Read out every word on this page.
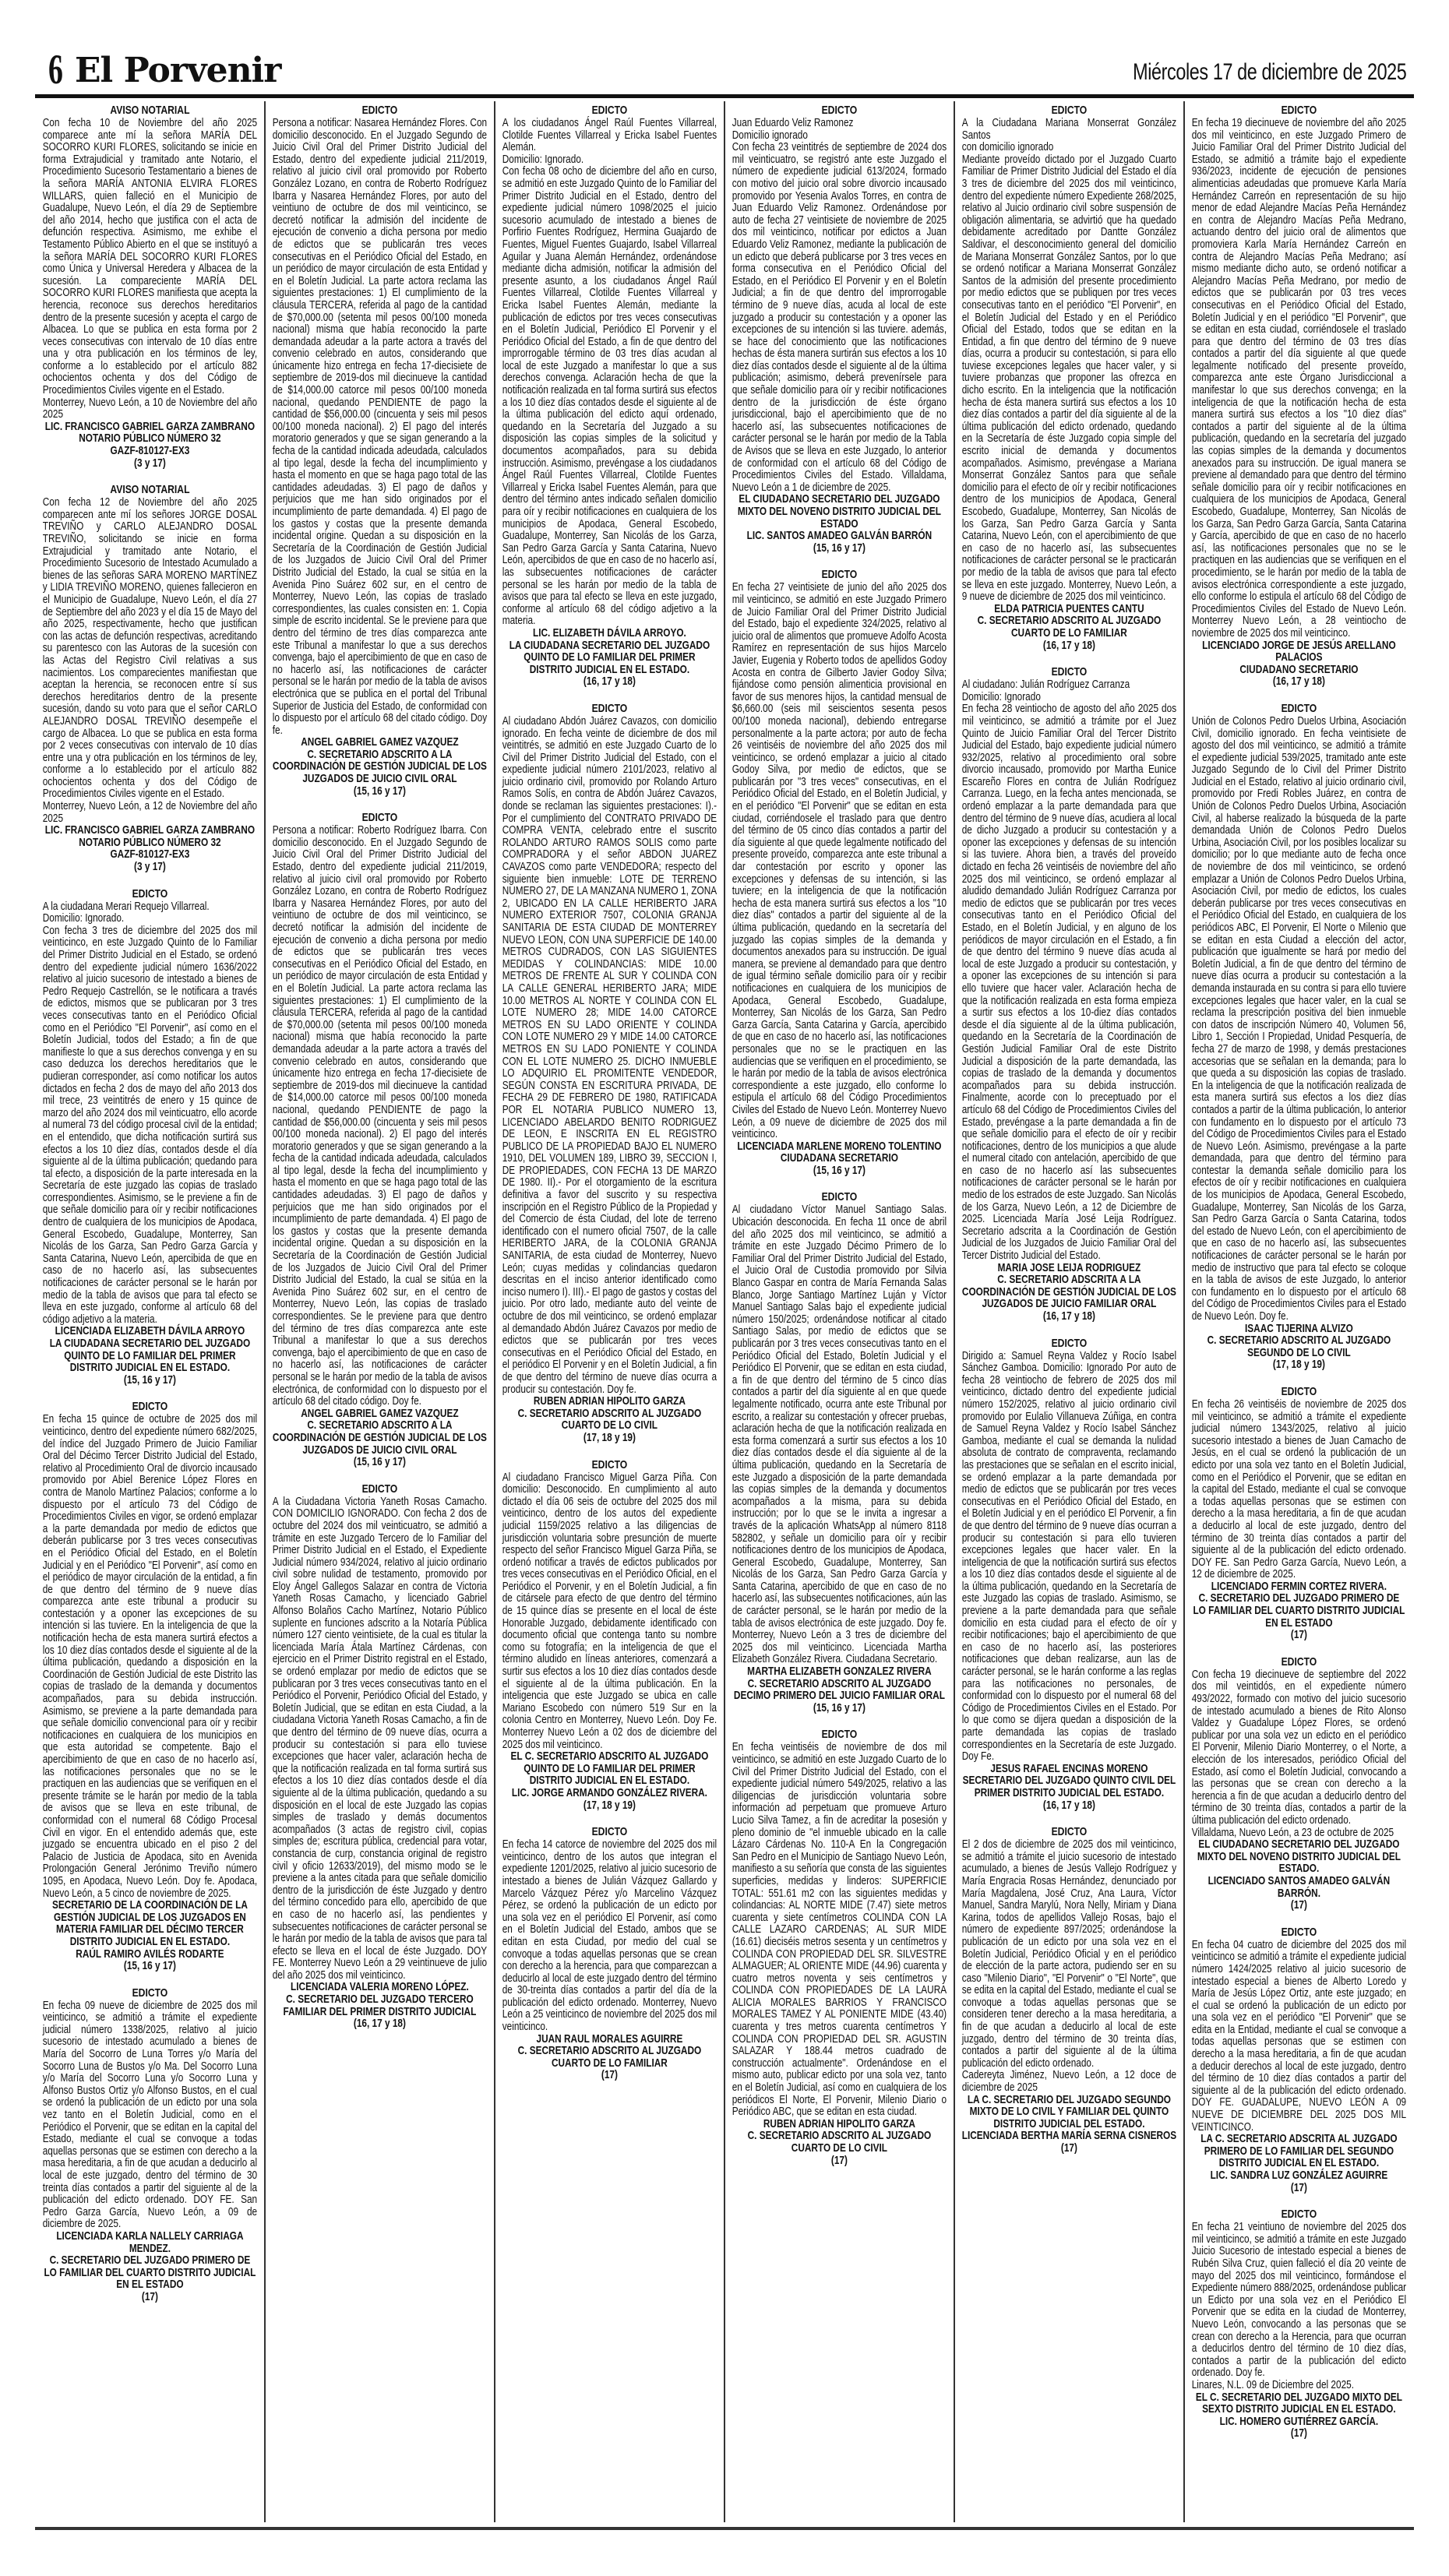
6 El Porvenir	Miércoles 17 de diciembre de 2025
AVISO NOTARIAL

Con fecha 10 de Noviembre del año 2025 comparece ante mí la señora MARÍA DEL SOCORRO KURI FLORES, solicitando se inicie en forma Extrajudicial y tramitado ante Notario, el Procedimiento Sucesorio Testamentario a bienes de la señora MARÍA ANTONIA ELVIRA FLORES WILLARS, quien falleció en el Municipio de Guadalupe, Nuevo León, el día 29 de Septiembre del año 2014, hecho que justifica con el acta de defunción respectiva. Asimismo, me exhibe el Testamento Público Abierto en el que se instituyó a la señora MARÍA DEL SOCORRO KURI FLORES como Única y Universal Heredera y Albacea de la sucesión. La compareciente MARÍA DEL SOCORRO KURI FLORES manifiesta que acepta la herencia, reconoce sus derechos hereditarios dentro de la presente sucesión y acepta el cargo de Albacea. Lo que se publica en esta forma por 2 veces consecutivas con intervalo de 10 días entre una y otra publicación en los términos de ley, conforme a lo establecido por el artículo 882 ochocientos ochenta y dos del Código de Procedimientos Civiles vigente en el Estado.

Monterrey, Nuevo León, a 10 de Noviembre del año 2025

LIC. FRANCISCO GABRIEL GARZA ZAMBRANO
NOTARIO PÚBLICO NÚMERO 32
GAZF-810127-EX3
(3 y 17)
AVISO NOTARIAL

Con fecha 12 de Noviembre del año 2025 comparecen ante mí los señores JORGE DOSAL TREVIÑO y CARLO ALEJANDRO DOSAL TREVIÑO, solicitando se inicie en forma Extrajudicial y tramitado ante Notario, el Procedimiento Sucesorio de Intestado Acumulado a bienes de las señoras SARA MORENO MARTÍNEZ y LIDIA TREVIÑO MORENO, quienes fallecieron en el Municipio de Guadalupe, Nuevo León, el día 27 de Septiembre del año 2023 y el día 15 de Mayo del año 2025, respectivamente, hecho que justifican con las actas de defunción respectivas, acreditando su parentesco con las Autoras de la sucesión con las Actas del Registro Civil relativas a sus nacimientos. Los comparecientes manifiestan que aceptan la herencia, se reconocen entre sí sus derechos hereditarios dentro de la presente sucesión, dando su voto para que el señor CARLO ALEJANDRO DOSAL TREVIÑO desempeñe el cargo de Albacea. Lo que se publica en esta forma por 2 veces consecutivas con intervalo de 10 días entre una y otra publicación en los términos de ley, conforme a lo establecido por el artículo 882 ochocientos ochenta y dos del Código de Procedimientos Civiles vigente en el Estado.

Monterrey, Nuevo León, a 12 de Noviembre del año 2025

LIC. FRANCISCO GABRIEL GARZA ZAMBRANO
NOTARIO PÚBLICO NÚMERO 32
GAZF-810127-EX3
(3 y 17)
EDICTO

A la ciudadana Merari Requejo Villarreal.

Domicilio: Ignorado.

Con fecha 3 tres de diciembre del 2025 dos mil veinticinco, en este Juzgado Quinto de lo Familiar del Primer Distrito Judicial en el Estado, se ordenó dentro del expediente judicial número 1636/2022 relativo al juicio sucesorio de intestado a bienes de Pedro Requejo Castrellón, se le notificara a través de edictos, mismos que se publicaran por 3 tres veces consecutivas tanto en el Periódico Oficial como en el Periódico "El Porvenir", así como en el Boletín Judicial, todos del Estado; a fin de que manifieste lo que a sus derechos convenga y en su caso deduzca los derechos hereditarios que le pudieran corresponder, así como notificar los autos dictados en fecha 2 dos de mayo del año 2013 dos mil trece, 23 veintitrés de enero y 15 quince de marzo del año 2024 dos mil veinticuatro, ello acorde al numeral 73 del código procesal civil de la entidad; en el entendido, que dicha notificación surtirá sus efectos a los 10 diez días, contados desde el día siguiente al de la última publicación; quedando para tal efecto, a disposición de la parte interesada en la Secretaría de este juzgado las copias de traslado correspondientes. Asimismo, se le previene a fin de que señale domicilio para oír y recibir notificaciones dentro de cualquiera de los municipios de Apodaca, General Escobedo, Guadalupe, Monterrey, San Nicolás de los Garza, San Pedro Garza García y Santa Catarina, Nuevo León, apercibida de que en caso de no hacerlo así, las subsecuentes notificaciones de carácter personal se le harán por medio de la tabla de avisos que para tal efecto se lleva en este juzgado, conforme al artículo 68 del código adjetivo a la materia.

LICENCIADA ELIZABETH DÁVILA ARROYO
LA CIUDADANA SECRETARIO DEL JUZGADO QUINTO DE LO FAMILIAR DEL PRIMER DISTRITO JUDICIAL EN EL ESTADO.
(15, 16 y 17)
EDICTO

En fecha 15 quince de octubre de 2025 dos mil veinticinco, dentro del expediente número 682/2025, del índice del Juzgado Primero de Juicio Familiar Oral del Décimo Tercer Distrito Judicial del Estado, relativo al Procedimiento Oral de divorcio incausado promovido por Abiel Berenice López Flores en contra de Manolo Martínez Palacios; conforme a lo dispuesto por el artículo 73 del Código de Procedimientos Civiles en vigor, se ordenó emplazar a la parte demandada por medio de edictos que deberán publicarse por 3 tres veces consecutivas en el Periódico Oficial del Estado, en el Boletín Judicial y en el Periódico "El Porvenir", así como en el periódico de mayor circulación de la entidad, a fin de que dentro del término de 9 nueve días comparezca ante este tribunal a producir su contestación y a oponer las excepciones de su intención si las tuviere. En la inteligencia de que la notificación hecha de esta manera surtirá efectos a los 10 diez días contados desde el siguiente al de la última publicación, quedando a disposición en la Coordinación de Gestión Judicial de este Distrito las copias de traslado de la demanda y documentos acompañados, para su debida instrucción. Asimismo, se previene a la parte demandada para que señale domicilio convencional para oír y recibir notificaciones en cualquiera de los municipios en que esta autoridad se competente. Bajo el apercibimiento de que en caso de no hacerlo así, las notificaciones personales que no se le practiquen en las audiencias que se verifiquen en el presente trámite se le harán por medio de la tabla de avisos que se lleva en este tribunal, de conformidad con el numeral 68 Código Procesal Civil en vigor. En el entendido además que, este juzgado se encuentra ubicado en el piso 2 del Palacio de Justicia de Apodaca, sito en Avenida Prolongación General Jerónimo Treviño número 1095, en Apodaca, Nuevo León. Doy fe. Apodaca, Nuevo León, a 5 cinco de noviembre de 2025.

SECRETARIO DE LA COORDINACIÓN DE LA GESTIÓN JUDICIAL DE LOS JUZGADOS EN MATERIA FAMILIAR DEL DÉCIMO TERCER DISTRITO JUDICIAL EN EL ESTADO.
RAÚL RAMIRO AVILÉS RODARTE
(15, 16 y 17)
EDICTO

En fecha 09 nueve de diciembre de 2025 dos mil veinticinco, se admitió a trámite el expediente judicial número 1338/2025, relativo al juicio sucesorio de intestado acumulado a bienes de María del Socorro de Luna Torres y/o María del Socorro Luna de Bustos y/o Ma. Del Socorro Luna y/o María del Socorro Luna y/o Socorro Luna y Alfonso Bustos Ortiz y/o Alfonso Bustos, en el cual se ordenó la publicación de un edicto por una sola vez tanto en el Boletín Judicial, como en el Periódico el Porvenir, que se editan en la capital del Estado, mediante el cual se convoque a todas aquellas personas que se estimen con derecho a la masa hereditaria, a fin de que acudan a deducirlo al local de este juzgado, dentro del término de 30 treinta días contados a partir del siguiente al de la publicación del edicto ordenado. DOY FE. San Pedro Garza García, Nuevo León, a 09 de diciembre de 2025.

LICENCIADA KARLA NALLELY CARRIAGA MENDEZ.
C. SECRETARIO DEL JUZGADO PRIMERO DE LO FAMILIAR DEL CUARTO DISTRITO JUDICIAL EN EL ESTADO
(17)
EDICTO

Persona a notificar: Nasarea Hernández Flores. Con domicilio desconocido. En el Juzgado Segundo de Juicio Civil Oral del Primer Distrito Judicial del Estado, dentro del expediente judicial 211/2019, relativo al juicio civil oral promovido por Roberto González Lozano, en contra de Roberto Rodríguez Ibarra y Nasarea Hernández Flores, por auto del veintiuno de octubre de dos mil veinticinco, se decretó notificar la admisión del incidente de ejecución de convenio a dicha persona por medio de edictos que se publicarán tres veces consecutivas en el Periódico Oficial del Estado, en un periódico de mayor circulación de esta Entidad y en el Boletín Judicial. La parte actora reclama las siguientes prestaciones: 1) El cumplimiento de la cláusula TERCERA, referida al pago de la cantidad de $70,000.00 (setenta mil pesos 00/100 moneda nacional) misma que había reconocido la parte demandada adeudar a la parte actora a través del convenio celebrado en autos, considerando que únicamente hizo entrega en fecha 17-diecisiete de septiembre de 2019-dos mil diecinueve la cantidad de $14,000.00 catorce mil pesos 00/100 moneda nacional, quedando PENDIENTE de pago la cantidad de $56,000.00 (cincuenta y seis mil pesos 00/100 moneda nacional). 2) El pago del interés moratorio generados y que se sigan generando a la fecha de la cantidad indicada adeudada, calculados al tipo legal, desde la fecha del incumplimiento y hasta el momento en que se haga pago total de las cantidades adeudadas. 3) El pago de daños y perjuicios que me han sido originados por el incumplimiento de parte demandada. 4) El pago de los gastos y costas que la presente demanda incidental origine. Quedan a su disposición en la Secretaría de la Coordinación de Gestión Judicial de los Juzgados de Juicio Civil Oral del Primer Distrito Judicial del Estado, la cual se sitúa en la Avenida Pino Suárez 602 sur, en el centro de Monterrey, Nuevo León, las copias de traslado correspondientes, las cuales consisten en: 1. Copia simple de escrito incidental. Se le previene para que dentro del término de tres días comparezca ante este Tribunal a manifestar lo que a sus derechos convenga, bajo el apercibimiento de que en caso de no hacerlo así, las notificaciones de carácter personal se le harán por medio de la tabla de avisos electrónica que se publica en el portal del Tribunal Superior de Justicia del Estado, de conformidad con lo dispuesto por el artículo 68 del citado código. Doy fe.

ANGEL GABRIEL GAMEZ VAZQUEZ
C. SECRETARIO ADSCRITO A LA COORDINACIÓN DE GESTIÓN JUDICIAL DE LOS JUZGADOS DE JUICIO CIVIL ORAL
(15, 16 y 17)
EDICTO

Persona a notificar: Roberto Rodríguez Ibarra. Con domicilio desconocido. En el Juzgado Segundo de Juicio Civil Oral del Primer Distrito Judicial del Estado, dentro del expediente judicial 211/2019, relativo al juicio civil oral promovido por Roberto González Lozano, en contra de Roberto Rodríguez Ibarra y Nasarea Hernández Flores, por auto del veintiuno de octubre de dos mil veinticinco, se decretó notificar la admisión del incidente de ejecución de convenio a dicha persona por medio de edictos que se publicarán tres veces consecutivas en el Periódico Oficial del Estado, en un periódico de mayor circulación de esta Entidad y en el Boletín Judicial. La parte actora reclama las siguientes prestaciones: 1) El cumplimiento de la cláusula TERCERA, referida al pago de la cantidad de $70,000.00 (setenta mil pesos 00/100 moneda nacional) misma que había reconocido la parte demandada adeudar a la parte actora a través del convenio celebrado en autos, considerando que únicamente hizo entrega en fecha 17-diecisiete de septiembre de 2019-dos mil diecinueve la cantidad de $14,000.00 catorce mil pesos 00/100 moneda nacional, quedando PENDIENTE de pago la cantidad de $56,000.00 (cincuenta y seis mil pesos 00/100 moneda nacional). 2) El pago del interés moratorio generados y que se sigan generando a la fecha de la cantidad indicada adeudada, calculados al tipo legal, desde la fecha del incumplimiento y hasta el momento en que se haga pago total de las cantidades adeudadas. 3) El pago de daños y perjuicios que me han sido originados por el incumplimiento de parte demandada. 4) El pago de los gastos y costas que la presente demanda incidental origine. Quedan a su disposición en la Secretaría de la Coordinación de Gestión Judicial de los Juzgados de Juicio Civil Oral del Primer Distrito Judicial del Estado, la cual se sitúa en la Avenida Pino Suárez 602 sur, en el centro de Monterrey, Nuevo León, las copias de traslado correspondientes. Se le previene para que dentro del término de tres días comparezca ante este Tribunal a manifestar lo que a sus derechos convenga, bajo el apercibimiento de que en caso de no hacerlo así, las notificaciones de carácter personal se le harán por medio de la tabla de avisos electrónica, de conformidad con lo dispuesto por el artículo 68 del citado código. Doy fe.

ANGEL GABRIEL GAMEZ VAZQUEZ
C. SECRETARIO ADSCRITO A LA COORDINACIÓN DE GESTIÓN JUDICIAL DE LOS JUZGADOS DE JUICIO CIVIL ORAL
(15, 16 y 17)
EDICTO

A la Ciudadana Victoria Yaneth Rosas Camacho. CON DOMICILIO IGNORADO. Con fecha 2 dos de octubre del 2024 dos mil veinticuatro, se admitió a trámite en este Juzgado Tercero de lo Familiar del Primer Distrito Judicial en el Estado, el Expediente Judicial número 934/2024, relativo al juicio ordinario civil sobre nulidad de testamento, promovido por Eloy Ángel Gallegos Salazar en contra de Victoria Yaneth Rosas Camacho, y licenciado Gabriel Alfonso Bolaños Cacho Martínez, Notario Público suplente en funciones adscrito a la Notaría Pública número 127 ciento veintisiete, de la cual es titular la licenciada María Átala Martínez Cárdenas, con ejercicio en el Primer Distrito registral en el Estado, se ordenó emplazar por medio de edictos que se publicaran por 3 tres veces consecutivas tanto en el Periódico el Porvenir, Periódico Oficial del Estado, y Boletín Judicial, que se editan en esta Ciudad, a la ciudadana Victoria Yaneth Rosas Camacho, a fin de que dentro del término de 09 nueve días, ocurra a producir su contestación si para ello tuviese excepciones que hacer valer, aclaración hecha de que la notificación realizada en tal forma surtirá sus efectos a los 10 diez días contados desde el día siguiente al de la última publicación, quedando a su disposición en el local de este Juzgado las copias simples de traslado y demás documentos acompañados (3 actas de registro civil, copias simples de; escritura pública, credencial para votar, constancia de curp, constancia original de registro civil y oficio 12633/2019), del mismo modo se le previene a la antes citada para que señale domicilio dentro de la jurisdicción de éste Juzgado y dentro del término concedido para ello, apercibido de que en caso de no hacerlo así, las pendientes y subsecuentes notificaciones de carácter personal se le harán por medio de la tabla de avisos que para tal efecto se lleva en el local de éste Juzgado. DOY FE. Monterrey Nuevo León a 29 veintinueve de julio del año 2025 dos mil veinticinco.

LICENCIADA VALERIA MORENO LÓPEZ.
C. SECRETARIO DEL JUZGADO TERCERO FAMILIAR DEL PRIMER DISTRITO JUDICIAL
(16, 17 y 18)
EDICTO

A los ciudadanos Ángel Raúl Fuentes Villarreal, Clotilde Fuentes Villarreal y Ericka Isabel Fuentes Alemán.

Domicilio: Ignorado.

Con fecha 08 ocho de diciembre del año en curso, se admitió en este Juzgado Quinto de lo Familiar del Primer Distrito Judicial en el Estado, dentro del expediente judicial número 1098/2025 el juicio sucesorio acumulado de intestado a bienes de Porfirio Fuentes Rodríguez, Hermina Guajardo de Fuentes, Miguel Fuentes Guajardo, Isabel Villarreal Aguilar y Juana Alemán Hernández, ordenándose mediante dicha admisión, notificar la admisión del presente asunto, a los ciudadanos Ángel Raúl Fuentes Villarreal, Clotilde Fuentes Villarreal y Ericka Isabel Fuentes Alemán, mediante la publicación de edictos por tres veces consecutivas en el Boletín Judicial, Periódico El Porvenir y el Periódico Oficial del Estado, a fin de que dentro del improrrogable término de 03 tres días acudan al local de este Juzgado a manifestar lo que a sus derechos convenga. Aclaración hecha de que la notificación realizada en tal forma surtirá sus efectos a los 10 diez días contados desde el siguiente al de la última publicación del edicto aquí ordenado, quedando en la Secretaría del Juzgado a su disposición las copias simples de la solicitud y documentos acompañados, para su debida instrucción. Asimismo, prevéngase a los ciudadanos Ángel Raúl Fuentes Villarreal, Clotilde Fuentes Villarreal y Ericka Isabel Fuentes Alemán, para que dentro del término antes indicado señalen domicilio para oír y recibir notificaciones en cualquiera de los municipios de Apodaca, General Escobedo, Guadalupe, Monterrey, San Nicolás de los Garza, San Pedro Garza García y Santa Catarina, Nuevo León, apercibidos de que en caso de no hacerlo así, las subsecuentes notificaciones de carácter personal se les harán por medio de la tabla de avisos que para tal efecto se lleva en este juzgado, conforme al artículo 68 del código adjetivo a la materia.

LIC. ELIZABETH DÁVILA ARROYO.
LA CIUDADANA SECRETARIO DEL JUZGADO QUINTO DE LO FAMILIAR DEL PRIMER DISTRITO JUDICIAL EN EL ESTADO.
(16, 17 y 18)
EDICTO

Al ciudadano Abdón Juárez Cavazos, con domicilio ignorado. En fecha veinte de diciembre de dos mil veintitrés, se admitió en este Juzgado Cuarto de lo Civil del Primer Distrito Judicial del Estado, con el expediente judicial número 2101/2023, relativo al juicio ordinario civil, promovido por Rolando Arturo Ramos Solís, en contra de Abdón Juárez Cavazos, donde se reclaman las siguientes prestaciones: I).- Por el cumplimiento del CONTRATO PRIVADO DE COMPRA VENTA, celebrado entre el suscrito ROLANDO ARTURO RAMOS SOLIS como parte COMPRADORA y el señor ABDON JUAREZ CAVAZOS como parte VENDEDORA; respecto del siguiente bien inmueble: LOTE DE TERRENO NUMERO 27, DE LA MANZANA NUMERO 1, ZONA 2, UBICADO EN LA CALLE HERIBERTO JARA NUMERO EXTERIOR 7507, COLONIA GRANJA SANITARIA DE ESTA CIUDAD DE MONTERREY NUEVO LEON, CON UNA SUPERFICIE DE 140.00 METROS CUDRADOS, CON LAS SIGUIENTES MEDIDAS Y COLINDANCIAS: MIDE 10.00 METROS DE FRENTE AL SUR Y COLINDA CON LA CALLE GENERAL HERIBERTO JARA; MIDE 10.00 METROS AL NORTE Y COLINDA CON EL LOTE NUMERO 28; MIDE 14.00 CATORCE METROS EN SU LADO ORIENTE Y COLINDA CON LOTE NUMERO 29 Y MIDE 14.00 CATORCE METROS EN SU LADO PONIENTE Y COLINDA CON EL LOTE NUMERO 25. DICHO INMUEBLE LO ADQUIRIO EL PROMITENTE VENDEDOR, SEGÚN CONSTA EN ESCRITURA PRIVADA, DE FECHA 29 DE FEBRERO DE 1980, RATIFICADA POR EL NOTARIA PUBLICO NUMERO 13, LICENCIADO ABELARDO BENITO RODRIGUEZ DE LEON, E INSCRITA EN EL REGISTRO PUBLICO DE LA PROPIEDAD BAJO EL NUMERO 1910, DEL VOLUMEN 189, LIBRO 39, SECCION I, DE PROPIEDADES, CON FECHA 13 DE MARZO DE 1980. II).- Por el otorgamiento de la escritura definitiva a favor del suscrito y su respectiva inscripción en el Registro Público de la Propiedad y del Comercio de ésta Ciudad, del lote de terreno identificado con el numero oficial 7507, de la calle HERIBERTO JARA, de la COLONIA GRANJA SANITARIA, de esta ciudad de Monterrey, Nuevo León; cuyas medidas y colindancias quedaron descritas en el inciso anterior identificado como inciso numero I). III).- El pago de gastos y costas del juicio. Por otro lado, mediante auto del veinte de octubre de dos mil veinticinco, se ordenó emplazar al demandado Abdón Juárez Cavazos por medio de edictos que se publicarán por tres veces consecutivas en el Periódico Oficial del Estado, en el periódico El Porvenir y en el Boletín Judicial, a fin de que dentro del término de nueve días ocurra a producir su contestación. Doy fe.

RUBEN ADRIAN HIPOLITO GARZA
C. SECRETARIO ADSCRITO AL JUZGADO CUARTO DE LO CIVIL
(17, 18 y 19)
EDICTO

Al ciudadano Francisco Miguel Garza Piña. Con domicilio: Desconocido. En cumplimiento al auto dictado el día 06 seis de octubre del 2025 dos mil veinticinco, dentro de los autos del expediente judicial 1159/2025 relativo a las diligencias de jurisdicción voluntaria sobre presunción de muerte respecto del señor Francisco Miguel Garza Piña, se ordenó notificar a través de edictos publicados por tres veces consecutivas en el Periódico Oficial, en el Periódico el Porvenir, y en el Boletín Judicial, a fin de citársele para efecto de que dentro del término de 15 quince días se presente en el local de éste Honorable Juzgado, debidamente identificado con documento oficial que contenga tanto su nombre como su fotografía; en la inteligencia de que el término aludido en líneas anteriores, comenzará a surtir sus efectos a los 10 diez días contados desde el siguiente al de la última publicación. En la inteligencia que este Juzgado se ubica en calle Mariano Escobedo con número 519 Sur en la colonia Centro en Monterrey, Nuevo León. Doy Fe. Monterrey Nuevo León a 02 dos de diciembre del 2025 dos mil veinticinco.

EL C. SECRETARIO ADSCRITO AL JUZGADO QUINTO DE LO FAMILIAR DEL PRIMER DISTRITO JUDICIAL EN EL ESTADO.
LIC. JORGE ARMANDO GONZÁLEZ RIVERA.
(17, 18 y 19)
EDICTO

En fecha 14 catorce de noviembre del 2025 dos mil veinticinco, dentro de los autos que integran el expediente 1201/2025, relativo al juicio sucesorio de intestado a bienes de Julián Vázquez Gallardo y Marcelo Vázquez Pérez y/o Marcelino Vázquez Pérez, se ordenó la publicación de un edicto por una sola vez en el periódico El Porvenir, así como en el Boletín Judicial del Estado, ambos que se editan en esta Ciudad, por medio del cual se convoque a todas aquellas personas que se crean con derecho a la herencia, para que comparezcan a deducirlo al local de este juzgado dentro del término de 30-treinta días contados a partir del día de la publicación del edicto ordenado. Monterrey, Nuevo León a 25 veinticinco de noviembre del 2025 dos mil veinticinco.

JUAN RAUL MORALES AGUIRRE
C. SECRETARIO ADSCRITO AL JUZGADO CUARTO DE LO FAMILIAR
(17)
EDICTO

Juan Eduardo Veliz Ramonez

Domicilio ignorado

Con fecha 23 veintitrés de septiembre de 2024 dos mil veinticuatro, se registró ante este Juzgado el número de expediente judicial 613/2024, formado con motivo del juicio oral sobre divorcio incausado promovido por Yesenia Avalos Torres, en contra de Juan Eduardo Veliz Ramonez. Ordenándose por auto de fecha 27 veintisiete de noviembre de 2025 dos mil veinticinco, notificar por edictos a Juan Eduardo Veliz Ramonez, mediante la publicación de un edicto que deberá publicarse por 3 tres veces en forma consecutiva en el Periódico Oficial del Estado, en el Periódico El Porvenir y en el Boletín Judicial; a fin de que dentro del improrrogable término de 9 nueve días, acuda al local de este juzgado a producir su contestación y a oponer las excepciones de su intención si las tuviere. además, se hace del conocimiento que las notificaciones hechas de ésta manera surtirán sus efectos a los 10 diez días contados desde el siguiente al de la última publicación; asimismo, deberá prevenírsele para que señale domicilio para oír y recibir notificaciones dentro de la jurisdicción de éste órgano jurisdiccional, bajo el apercibimiento que de no hacerlo así, las subsecuentes notificaciones de carácter personal se le harán por medio de la Tabla de Avisos que se lleva en este Juzgado, lo anterior de conformidad con el artículo 68 del Código de Procedimientos Civiles del Estado. Villaldama, Nuevo León a 1 de diciembre de 2025.

EL CIUDADANO SECRETARIO DEL JUZGADO MIXTO DEL NOVENO DISTRITO JUDICIAL DEL ESTADO
LIC. SANTOS AMADEO GALVÁN BARRÓN
(15, 16 y 17)
EDICTO

En fecha 27 veintisiete de junio del año 2025 dos mil veinticinco, se admitió en este Juzgado Primero de Juicio Familiar Oral del Primer Distrito Judicial del Estado, bajo el expediente 324/2025, relativo al juicio oral de alimentos que promueve Adolfo Acosta Ramírez en representación de sus hijos Marcelo Javier, Eugenia y Roberto todos de apellidos Godoy Acosta en contra de Gilberto Javier Godoy Silva; fijándose como pensión alimenticia provisional en favor de sus menores hijos, la cantidad mensual de $6,660.00 (seis mil seiscientos sesenta pesos 00/100 moneda nacional), debiendo entregarse personalmente a la parte actora; por auto de fecha 26 veintiséis de noviembre del año 2025 dos mil veinticinco, se ordenó emplazar a juicio al citado Godoy Silva, por medio de edictos, que se publicarán por "3 tres veces" consecutivas, en el Periódico Oficial del Estado, en el Boletín Judicial, y en el periódico "El Porvenir" que se editan en esta ciudad, corriéndosele el traslado para que dentro del término de 05 cinco días contados a partir del día siguiente al que quede legalmente notificado del presente proveído, comparezca ante este tribunal a dar contestación por escrito y oponer las excepciones y defensas de su intención, si las tuviere; en la inteligencia de que la notificación hecha de esta manera surtirá sus efectos a los "10 diez días" contados a partir del siguiente al de la última publicación, quedando en la secretaría del juzgado las copias simples de la demanda y documentos anexados para su instrucción. De igual manera, se previene al demandado para que dentro de igual término señale domicilio para oír y recibir notificaciones en cualquiera de los municipios de Apodaca, General Escobedo, Guadalupe, Monterrey, San Nicolás de los Garza, San Pedro Garza García, Santa Catarina y García, apercibido de que en caso de no hacerlo así, las notificaciones personales que no se le practiquen en las audiencias que se verifiquen en el procedimiento, se le harán por medio de la tabla de avisos electrónica correspondiente a este juzgado, ello conforme lo estipula el artículo 68 del Código Procedimientos Civiles del Estado de Nuevo León. Monterrey Nuevo León, a 09 nueve de diciembre de 2025 dos mil veinticinco.

LICENCIADA MARLENE MORENO TOLENTINO
CIUDADANA SECRETARIO
(15, 16 y 17)
EDICTO

Al ciudadano Víctor Manuel Santiago Salas. Ubicación desconocida. En fecha 11 once de abril del año 2025 dos mil veinticinco, se admitió a trámite en este Juzgado Décimo Primero de lo Familiar Oral del Primer Distrito Judicial del Estado, el Juicio Oral de Custodia promovido por Silvia Blanco Gaspar en contra de María Fernanda Salas Blanco, Jorge Santiago Martínez Luján y Víctor Manuel Santiago Salas bajo el expediente judicial número 150/2025; ordenándose notificar al citado Santiago Salas, por medio de edictos que se publicarán por 3 tres veces consecutivas tanto en el Periódico Oficial del Estado, Boletín Judicial y el Periódico El Porvenir, que se editan en esta ciudad, a fin de que dentro del término de 5 cinco días contados a partir del día siguiente al en que quede legalmente notificado, ocurra ante este Tribunal por escrito, a realizar su contestación y ofrecer pruebas, aclaración hecha de que la notificación realizada en esta forma comenzará a surtir sus efectos a los 10 diez días contados desde el día siguiente al de la última publicación, quedando en la Secretaría de este Juzgado a disposición de la parte demandada las copias simples de la demanda y documentos acompañados a la misma, para su debida instrucción; por lo que se le invita a ingresar a través de la aplicación WhatsApp al número 8118 582802, y señale un domicilio para oír y recibir notificaciones dentro de los municipios de Apodaca, General Escobedo, Guadalupe, Monterrey, San Nicolás de los Garza, San Pedro Garza García y Santa Catarina, apercibido de que en caso de no hacerlo así, las subsecuentes notificaciones, aún las de carácter personal, se le harán por medio de la tabla de avisos electrónica de este juzgado. Doy fe. Monterrey, Nuevo León a 3 tres de diciembre del 2025 dos mil veinticinco. Licenciada Martha Elizabeth González Rivera. Ciudadana Secretario.

MARTHA ELIZABETH GONZALEZ RIVERA
C. SECRETARIO ADSCRITO AL JUZGADO DECIMO PRIMERO DEL JUICIO FAMILIAR ORAL
(15, 16 y 17)
EDICTO

En fecha veintiséis de noviembre de dos mil veinticinco, se admitió en este Juzgado Cuarto de lo Civil del Primer Distrito Judicial del Estado, con el expediente judicial número 549/2025, relativo a las diligencias de jurisdicción voluntaria sobre información ad perpetuam que promueve Arturo Lucio Silva Tamez, a fin de acreditar la posesión y pleno dominio de "el inmueble ubicado en la calle Lázaro Cárdenas No. 110-A En la Congregación San Pedro en el Municipio de Santiago Nuevo León, manifiesto a su señoría que consta de las siguientes superficies, medidas y linderos: SUPERFICIE TOTAL: 551.61 m2 con las siguientes medidas y colindancias: AL NORTE MIDE (7.47) siete metros cuarenta y siete centímetros COLINDA CON LA CALLE LAZARO CARDENAS; AL SUR MIDE (16.61) dieciséis metros sesenta y un centímetros y COLINDA CON PROPIEDAD DEL SR. SILVESTRE ALMAGUER; AL ORIENTE MIDE (44.96) cuarenta y cuatro metros noventa y seis centímetros y COLINDA CON PROPIEDADES DE LA LAURA ALICIA MORALES BARRIOS Y FRANCISCO MORALES TAMEZ Y AL PONIENTE MIDE (43.40) cuarenta y tres metros cuarenta centímetros Y COLINDA CON PROPIEDAD DEL SR. AGUSTIN SALAZAR Y 188.44 metros cuadrado de construcción actualmente". Ordenándose en el mismo auto, publicar edicto por una sola vez, tanto en el Boletín Judicial, así como en cualquiera de los periódicos El Norte, El Porvenir, Milenio Diario o Periódico ABC, que se editan en esta ciudad.

RUBEN ADRIAN HIPOLITO GARZA
C. SECRETARIO ADSCRITO AL JUZGADO CUARTO DE LO CIVIL
(17)
EDICTO

A la Ciudadana Mariana Monserrat González Santos

con domicilio ignorado

Mediante proveído dictado por el Juzgado Cuarto Familiar de Primer Distrito Judicial del Estado el día 3 tres de diciembre del 2025 dos mil veinticinco, dentro del expediente número Expediente 268/2025, relativo al Juicio ordinario civil sobre suspensión de obligación alimentaria, se advirtió que ha quedado debidamente acreditado por Dantte González Saldivar, el desconocimiento general del domicilio de Mariana Monserrat González Santos, por lo que se ordenó notificar a Mariana Monserrat González Santos de la admisión del presente procedimiento por medio edictos que se publiquen por tres veces consecutivas tanto en el periódico "El Porvenir", en el Boletín Judicial del Estado y en el Periódico Oficial del Estado, todos que se editan en la Entidad, a fin que dentro del término de 9 nueve días, ocurra a producir su contestación, si para ello tuviese excepciones legales que hacer valer, y si tuviere probanzas que proponer las ofrezca en dicho escrito. En la inteligencia que la notificación hecha de ésta manera surtirá sus efectos a los 10 diez días contados a partir del día siguiente al de la última publicación del edicto ordenado, quedando en la Secretaría de éste Juzgado copia simple del escrito inicial de demanda y documentos acompañados. Asimismo, prevéngase a Mariana Monserrat González Santos para que señale domicilio para el efecto de oír y recibir notificaciones dentro de los municipios de Apodaca, General Escobedo, Guadalupe, Monterrey, San Nicolás de los Garza, San Pedro Garza García y Santa Catarina, Nuevo León, con el apercibimiento de que en caso de no hacerlo así, las subsecuentes notificaciones de carácter personal se le practicarán por medio de la tabla de avisos que para tal efecto se lleva en este juzgado. Monterrey, Nuevo León, a 9 nueve de diciembre de 2025 dos mil veinticinco.

ELDA PATRICIA PUENTES CANTU
C. SECRETARIO ADSCRITO AL JUZGADO CUARTO DE LO FAMILIAR
(16, 17 y 18)
EDICTO

Al ciudadano: Julián Rodríguez Carranza

Domicilio: Ignorado

En fecha 28 veintiocho de agosto del año 2025 dos mil veinticinco, se admitió a trámite por el Juez Quinto de Juicio Familiar Oral del Tercer Distrito Judicial del Estado, bajo expediente judicial número 932/2025, relativo al procedimiento oral sobre divorcio incausado, promovido por Martha Eunice Escareño Flores en contra de Julián Rodríguez Carranza. Luego, en la fecha antes mencionada, se ordenó emplazar a la parte demandada para que dentro del término de 9 nueve días, acudiera al local de dicho Juzgado a producir su contestación y a oponer las excepciones y defensas de su intención si las tuviere. Ahora bien, a través del proveído dictado en fecha 26 veintiséis de noviembre del año 2025 dos mil veinticinco, se ordenó emplazar al aludido demandado Julián Rodríguez Carranza por medio de edictos que se publicarán por tres veces consecutivas tanto en el Periódico Oficial del Estado, en el Boletín Judicial, y en alguno de los periódicos de mayor circulación en el Estado, a fin de que dentro del término 9 nueve días acuda al local de este Juzgado a producir su contestación, y a oponer las excepciones de su intención si para ello tuviere que hacer valer. Aclaración hecha de que la notificación realizada en esta forma empieza a surtir sus efectos a los 10-diez días contados desde el día siguiente al de la última publicación, quedando en la Secretaría de la Coordinación de Gestión Judicial Familiar Oral de este Distrito Judicial a disposición de la parte demandada, las copias de traslado de la demanda y documentos acompañados para su debida instrucción. Finalmente, acorde con lo preceptuado por el artículo 68 del Código de Procedimientos Civiles del Estado, prevéngase a la parte demandada a fin de que señale domicilio para el efecto de oír y recibir notificaciones, dentro de los municipios a que alude el numeral citado con antelación, apercibido de que en caso de no hacerlo así las subsecuentes notificaciones de carácter personal se le harán por medio de los estrados de este Juzgado. San Nicolás de los Garza, Nuevo León, a 12 de Diciembre de 2025. Licenciada María José Leija Rodríguez. Secretario adscrita a la Coordinación de Gestión Judicial de los Juzgados de Juicio Familiar Oral del Tercer Distrito Judicial del Estado.

MARIA JOSE LEIJA RODRIGUEZ
C. SECRETARIO ADSCRITA A LA COORDINACIÓN DE GESTIÓN JUDICIAL DE LOS JUZGADOS DE JUICIO FAMILIAR ORAL
(16, 17 y 18)
EDICTO

Dirigido a: Samuel Reyna Valdez y Rocío Isabel Sánchez Gamboa. Domicilio: Ignorado Por auto de fecha 28 veintiocho de febrero de 2025 dos mil veinticinco, dictado dentro del expediente judicial número 152/2025, relativo al juicio ordinario civil promovido por Eulalio Villanueva Zúñiga, en contra de Samuel Reyna Valdez y Rocío Isabel Sánchez Gamboa, mediante el cual se demanda la nulidad absoluta de contrato de compraventa, reclamando las prestaciones que se señalan en el escrito inicial, se ordenó emplazar a la parte demandada por medio de edictos que se publicarán por tres veces consecutivas en el Periódico Oficial del Estado, en el Boletín Judicial y en el periódico El Porvenir, a fin de que dentro del término de 9 nueve días ocurran a producir su contestación si para ello tuvieren excepciones legales que hacer valer. En la inteligencia de que la notificación surtirá sus efectos a los 10 diez días contados desde el siguiente al de la última publicación, quedando en la Secretaría de este Juzgado las copias de traslado. Asimismo, se previene a la parte demandada para que señale domicilio en esta ciudad para el efecto de oír y recibir notificaciones; bajo el apercibimiento de que en caso de no hacerlo así, las posteriores notificaciones que deban realizarse, aun las de carácter personal, se le harán conforme a las reglas para las notificaciones no personales, de conformidad con lo dispuesto por el numeral 68 del Código de Procedimientos Civiles en el Estado. Por lo que como se dijera quedan a disposición de la parte demandada las copias de traslado correspondientes en la Secretaría de este Juzgado. Doy Fe.

JESUS RAFAEL ENCINAS MORENO
SECRETARIO DEL JUZGADO QUINTO CIVIL DEL PRIMER DISTRITO JUDICIAL DEL ESTADO.
(16, 17 y 18)
EDICTO

El 2 dos de diciembre de 2025 dos mil veinticinco, se admitió a trámite el juicio sucesorio de intestado acumulado, a bienes de Jesús Vallejo Rodríguez y María Engracia Rosas Hernández, denunciado por María Magdalena, José Cruz, Ana Laura, Víctor Manuel, Sandra Marylú, Nora Nelly, Miriam y Diana Karina, todos de apellidos Vallejo Rosas, bajo el número de expediente 897/2025; ordenándose la publicación de un edicto por una sola vez en el Boletín Judicial, Periódico Oficial y en el periódico de elección de la parte actora, pudiendo ser en su caso "Milenio Diario", "El Porvenir" o "El Norte", que se edita en la capital del Estado, mediante el cual se convoque a todas aquellas personas que se consideren tener derecho a la masa hereditaria, a fin de que acudan a deducirlo al local de este juzgado, dentro del término de 30 treinta días, contados a partir del siguiente al de la última publicación del edicto ordenado.

Cadereyta Jiménez, Nuevo León, a 12 doce de diciembre de 2025

LA C. SECRETARIO DEL JUZGADO SEGUNDO MIXTO DE LO CIVIL Y FAMILIAR DEL QUINTO DISTRITO JUDICIAL DEL ESTADO.
LICENCIADA BERTHA MARÍA SERNA CISNEROS
(17)
EDICTO

En fecha 19 diecinueve de noviembre del año 2025 dos mil veinticinco, en este Juzgado Primero de Juicio Familiar Oral del Primer Distrito Judicial del Estado, se admitió a trámite bajo el expediente 936/2023, incidente de ejecución de pensiones alimenticias adeudadas que promueve Karla María Hernández Carreón en representación de su hijo menor de edad Alejandre Macías Peña Hernández en contra de Alejandro Macías Peña Medrano, actuando dentro del juicio oral de alimentos que promoviera Karla María Hernández Carreón en contra de Alejandro Macías Peña Medrano; así mismo mediante dicho auto, se ordenó notificar a Alejandro Macías Peña Medrano, por medio de edictos que se publicarán por 03 tres veces consecutivas en el Periódico Oficial del Estado, Boletín Judicial y en el periódico "El Porvenir", que se editan en esta ciudad, corriéndosele el traslado para que dentro del término de 03 tres días contados a partir del día siguiente al que quede legalmente notificado del presente proveído, comparezca ante este Órgano Jurisdiccional a manifestar lo que sus derechos convenga; en la inteligencia de que la notificación hecha de esta manera surtirá sus efectos a los "10 diez días" contados a partir del siguiente al de la última publicación, quedando en la secretaría del juzgado las copias simples de la demanda y documentos anexados para su instrucción. De igual manera se previene al demandado para que dentro del término señale domicilio para oír y recibir notificaciones en cualquiera de los municipios de Apodaca, General Escobedo, Guadalupe, Monterrey, San Nicolás de los Garza, San Pedro Garza García, Santa Catarina y García, apercibido de que en caso de no hacerlo así, las notificaciones personales que no se le practiquen en las audiencias que se verifiquen en el procedimiento, se le harán por medio de la tabla de avisos electrónica correspondiente a este juzgado, ello conforme lo estipula el artículo 68 del Código de Procedimientos Civiles del Estado de Nuevo León. Monterrey Nuevo León, a 28 veintiocho de noviembre de 2025 dos mil veinticinco.

LICENCIADO JORGE DE JESÚS ARELLANO PALACIOS
CIUDADANO SECRETARIO
(16, 17 y 18)
EDICTO

Unión de Colonos Pedro Duelos Urbina, Asociación Civil, domicilio ignorado. En fecha veintisiete de agosto del dos mil veinticinco, se admitió a trámite el expediente judicial 539/2025, tramitado ante este Juzgado Segundo de lo Civil del Primer Distrito Judicial en el Estado, relativo al juicio ordinario civil, promovido por Fredi Robles Juárez, en contra de Unión de Colonos Pedro Duelos Urbina, Asociación Civil, al haberse realizado la búsqueda de la parte demandada Unión de Colonos Pedro Duelos Urbina, Asociación Civil, por los posibles localizar su domicilio; por lo que mediante auto de fecha once de noviembre de dos mil veinticinco, se ordenó emplazar a Unión de Colonos Pedro Duelos Urbina, Asociación Civil, por medio de edictos, los cuales deberán publicarse por tres veces consecutivas en el Periódico Oficial del Estado, en cualquiera de los periódicos ABC, El Porvenir, El Norte o Milenio que se editan en esta Ciudad a elección del actor, publicación que igualmente se hará por medio del Boletín Judicial, a fin de que dentro del término de nueve días ocurra a producir su contestación a la demanda instaurada en su contra si para ello tuviere excepciones legales que hacer valer, en la cual se reclama la prescripción positiva del bien inmueble con datos de inscripción Número 40, Volumen 56, Libro 1, Sección I Propiedad, Unidad Pesquería, de fecha 27 de marzo de 1998, y demás prestaciones accesorias que se señalan en la demanda; para lo que queda a su disposición las copias de traslado. En la inteligencia de que la notificación realizada de esta manera surtirá sus efectos a los diez días contados a partir de la última publicación, lo anterior con fundamento en lo dispuesto por el artículo 73 del Código de Procedimientos Civiles para el Estado de Nuevo León. Asimismo, prevéngase a la parte demandada, para que dentro del término para contestar la demanda señale domicilio para los efectos de oír y recibir notificaciones en cualquiera de los municipios de Apodaca, General Escobedo, Guadalupe, Monterrey, San Nicolás de los Garza, San Pedro Garza García o Santa Catarina, todos del estado de Nuevo León, con el apercibimiento de que en caso de no hacerlo así, las subsecuentes notificaciones de carácter personal se le harán por medio de instructivo que para tal efecto se coloque en la tabla de avisos de este Juzgado, lo anterior con fundamento en lo dispuesto por el artículo 68 del Código de Procedimientos Civiles para el Estado de Nuevo León. Doy fe.

ISAAC TIJERINA ALVIZO
C. SECRETARIO ADSCRITO AL JUZGADO SEGUNDO DE LO CIVIL
(17, 18 y 19)
EDICTO

En fecha 26 veintiséis de noviembre de 2025 dos mil veinticinco, se admitió a trámite el expediente judicial número 1343/2025, relativo al juicio sucesorio intestado a bienes de Juan Camacho de Jesús, en el cual se ordenó la publicación de un edicto por una sola vez tanto en el Boletín Judicial, como en el Periódico el Porvenir, que se editan en la capital del Estado, mediante el cual se convoque a todas aquellas personas que se estimen con derecho a la masa hereditaria, a fin de que acudan a deducirlo al local de este juzgado, dentro del término de 30 treinta días contados a partir del siguiente al de la publicación del edicto ordenado. DOY FE. San Pedro Garza García, Nuevo León, a 12 de diciembre de 2025.

LICENCIADO FERMIN CORTEZ RIVERA.
C. SECRETARIO DEL JUZGADO PRIMERO DE LO FAMILIAR DEL CUARTO DISTRITO JUDICIAL EN EL ESTADO
(17)
EDICTO

Con fecha 19 diecinueve de septiembre del 2022 dos mil veintidós, en el expediente número 493/2022, formado con motivo del juicio sucesorio de intestado acumulado a bienes de Rito Alonso Valdez y Guadalupe López Flores, se ordenó publicar por una sola vez un edicto en el periódico El Porvenir, Milenio Diario Monterrey, o el Norte, a elección de los interesados, periódico Oficial del Estado, así como el Boletín Judicial, convocando a las personas que se crean con derecho a la herencia a fin de que acudan a deducirlo dentro del término de 30 treinta días, contados a partir de la última publicación del edicto ordenado.

Villaldama, Nuevo León, a 23 de octubre de 2025

EL CIUDADANO SECRETARIO DEL JUZGADO MIXTO DEL NOVENO DISTRITO JUDICIAL DEL ESTADO.
LICENCIADO SANTOS AMADEO GALVÁN BARRÓN.
(17)
EDICTO

En fecha 04 cuatro de diciembre del 2025 dos mil veinticinco se admitió a trámite el expediente judicial número 1424/2025 relativo al juicio sucesorio de intestado especial a bienes de Alberto Loredo y María de Jesús López Ortiz, ante este juzgado; en el cual se ordenó la publicación de un edicto por una sola vez en el periódico "El Porvenir" que se edita en la Entidad, mediante el cual se convoque a todas aquellas personas que se estimen con derecho a la masa hereditaria, a fin de que acudan a deducir derechos al local de este juzgado, dentro del término de 10 diez días contados a partir del siguiente al de la publicación del edicto ordenado. DOY FE. GUADALUPE, NUEVO LEÓN A 09 NUEVE DE DICIEMBRE DEL 2025 DOS MIL VEINTICINCO.

LA C. SECRETARIO ADSCRITA AL JUZGADO PRIMERO DE LO FAMILIAR DEL SEGUNDO DISTRITO JUDICIAL EN EL ESTADO.
LIC. SANDRA LUZ GONZÁLEZ AGUIRRE
(17)
EDICTO

En fecha 21 veintiuno de noviembre del 2025 dos mil veinticinco, se admitió a trámite en este Juzgado Juicio Sucesorio de intestado especial a bienes de Rubén Silva Cruz, quien falleció el día 20 veinte de mayo del 2025 dos mil veinticinco, formándose el Expediente número 888/2025, ordenándose publicar un Edicto por una sola vez en el Periódico El Porvenir que se edita en la ciudad de Monterrey, Nuevo León, convocando a las personas que se crean con derecho a la Herencia, para que ocurran a deducirlos dentro del término de 10 diez días, contados a partir de la publicación del edicto ordenado. Doy fe.

Linares, N.L. 09 de Diciembre del 2025.

EL C. SECRETARIO DEL JUZGADO MIXTO DEL SEXTO DISTRITO JUDICIAL EN EL ESTADO.
LIC. HOMERO GUTIÉRREZ GARCÍA.
(17)
